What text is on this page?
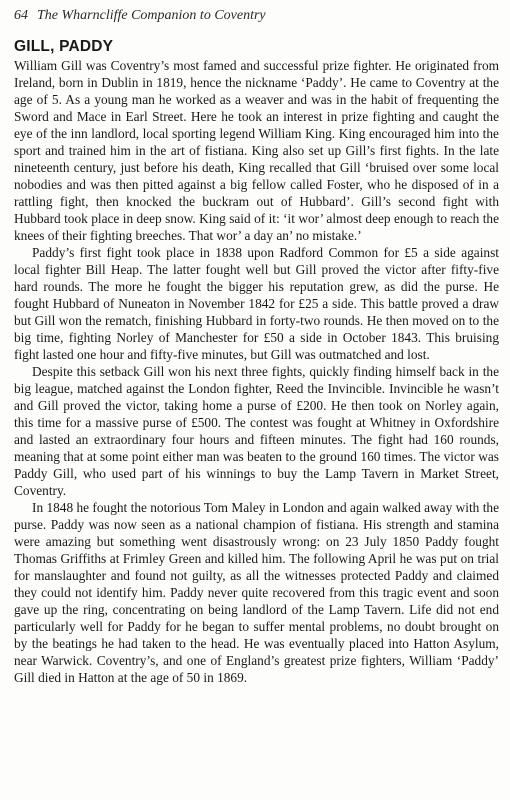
64 The Wharncliffe Companion to Coventry
GILL, PADDY

William Gill was Coventry’s most famed and successful prize fighter. He originated from Ireland, born in Dublin in 1819, hence the nickname ‘Paddy’. He came to Coventry at the age of 5. As a young man he worked as a weaver and was in the habit of frequenting the Sword and Mace in Earl Street. Here he took an interest in prize fighting and caught the eye of the inn landlord, local sporting legend William King. King encouraged him into the sport and trained him in the art of fistiana. King also set up Gill’s first fights. In the late nineteenth century, just before his death, King recalled that Gill ‘bruised over some local nobodies and was then pitted against a big fellow called Foster, who he disposed of in a rattling fight, then knocked the buckram out of Hubbard’. Gill’s second fight with Hubbard took place in deep snow. King said of it: ‘it wor’ almost deep enough to reach the knees of their fighting breeches. That wor’ a day an’ no mistake.’

Paddy’s first fight took place in 1838 upon Radford Common for £5 a side against local fighter Bill Heap. The latter fought well but Gill proved the victor after fifty-five hard rounds. The more he fought the bigger his reputation grew, as did the purse. He fought Hubbard of Nuneaton in November 1842 for £25 a side. This battle proved a draw but Gill won the rematch, finishing Hubbard in forty-two rounds. He then moved on to the big time, fighting Norley of Manchester for £50 a side in October 1843. This bruising fight lasted one hour and fifty-five minutes, but Gill was outmatched and lost.

Despite this setback Gill won his next three fights, quickly finding himself back in the big league, matched against the London fighter, Reed the Invincible. Invincible he wasn’t and Gill proved the victor, taking home a purse of £200. He then took on Norley again, this time for a massive purse of £500. The contest was fought at Whitney in Oxfordshire and lasted an extraordinary four hours and fifteen minutes. The fight had 160 rounds, meaning that at some point either man was beaten to the ground 160 times. The victor was Paddy Gill, who used part of his winnings to buy the Lamp Tavern in Market Street, Coventry.

In 1848 he fought the notorious Tom Maley in London and again walked away with the purse. Paddy was now seen as a national champion of fistiana. His strength and stamina were amazing but something went disastrously wrong: on 23 July 1850 Paddy fought Thomas Griffiths at Frimley Green and killed him. The following April he was put on trial for manslaughter and found not guilty, as all the witnesses protected Paddy and claimed they could not identify him. Paddy never quite recovered from this tragic event and soon gave up the ring, concentrating on being landlord of the Lamp Tavern. Life did not end particularly well for Paddy for he began to suffer mental problems, no doubt brought on by the beatings he had taken to the head. He was eventually placed into Hatton Asylum, near Warwick. Coventry’s, and one of England’s greatest prize fighters, William ‘Paddy’ Gill died in Hatton at the age of 50 in 1869.
